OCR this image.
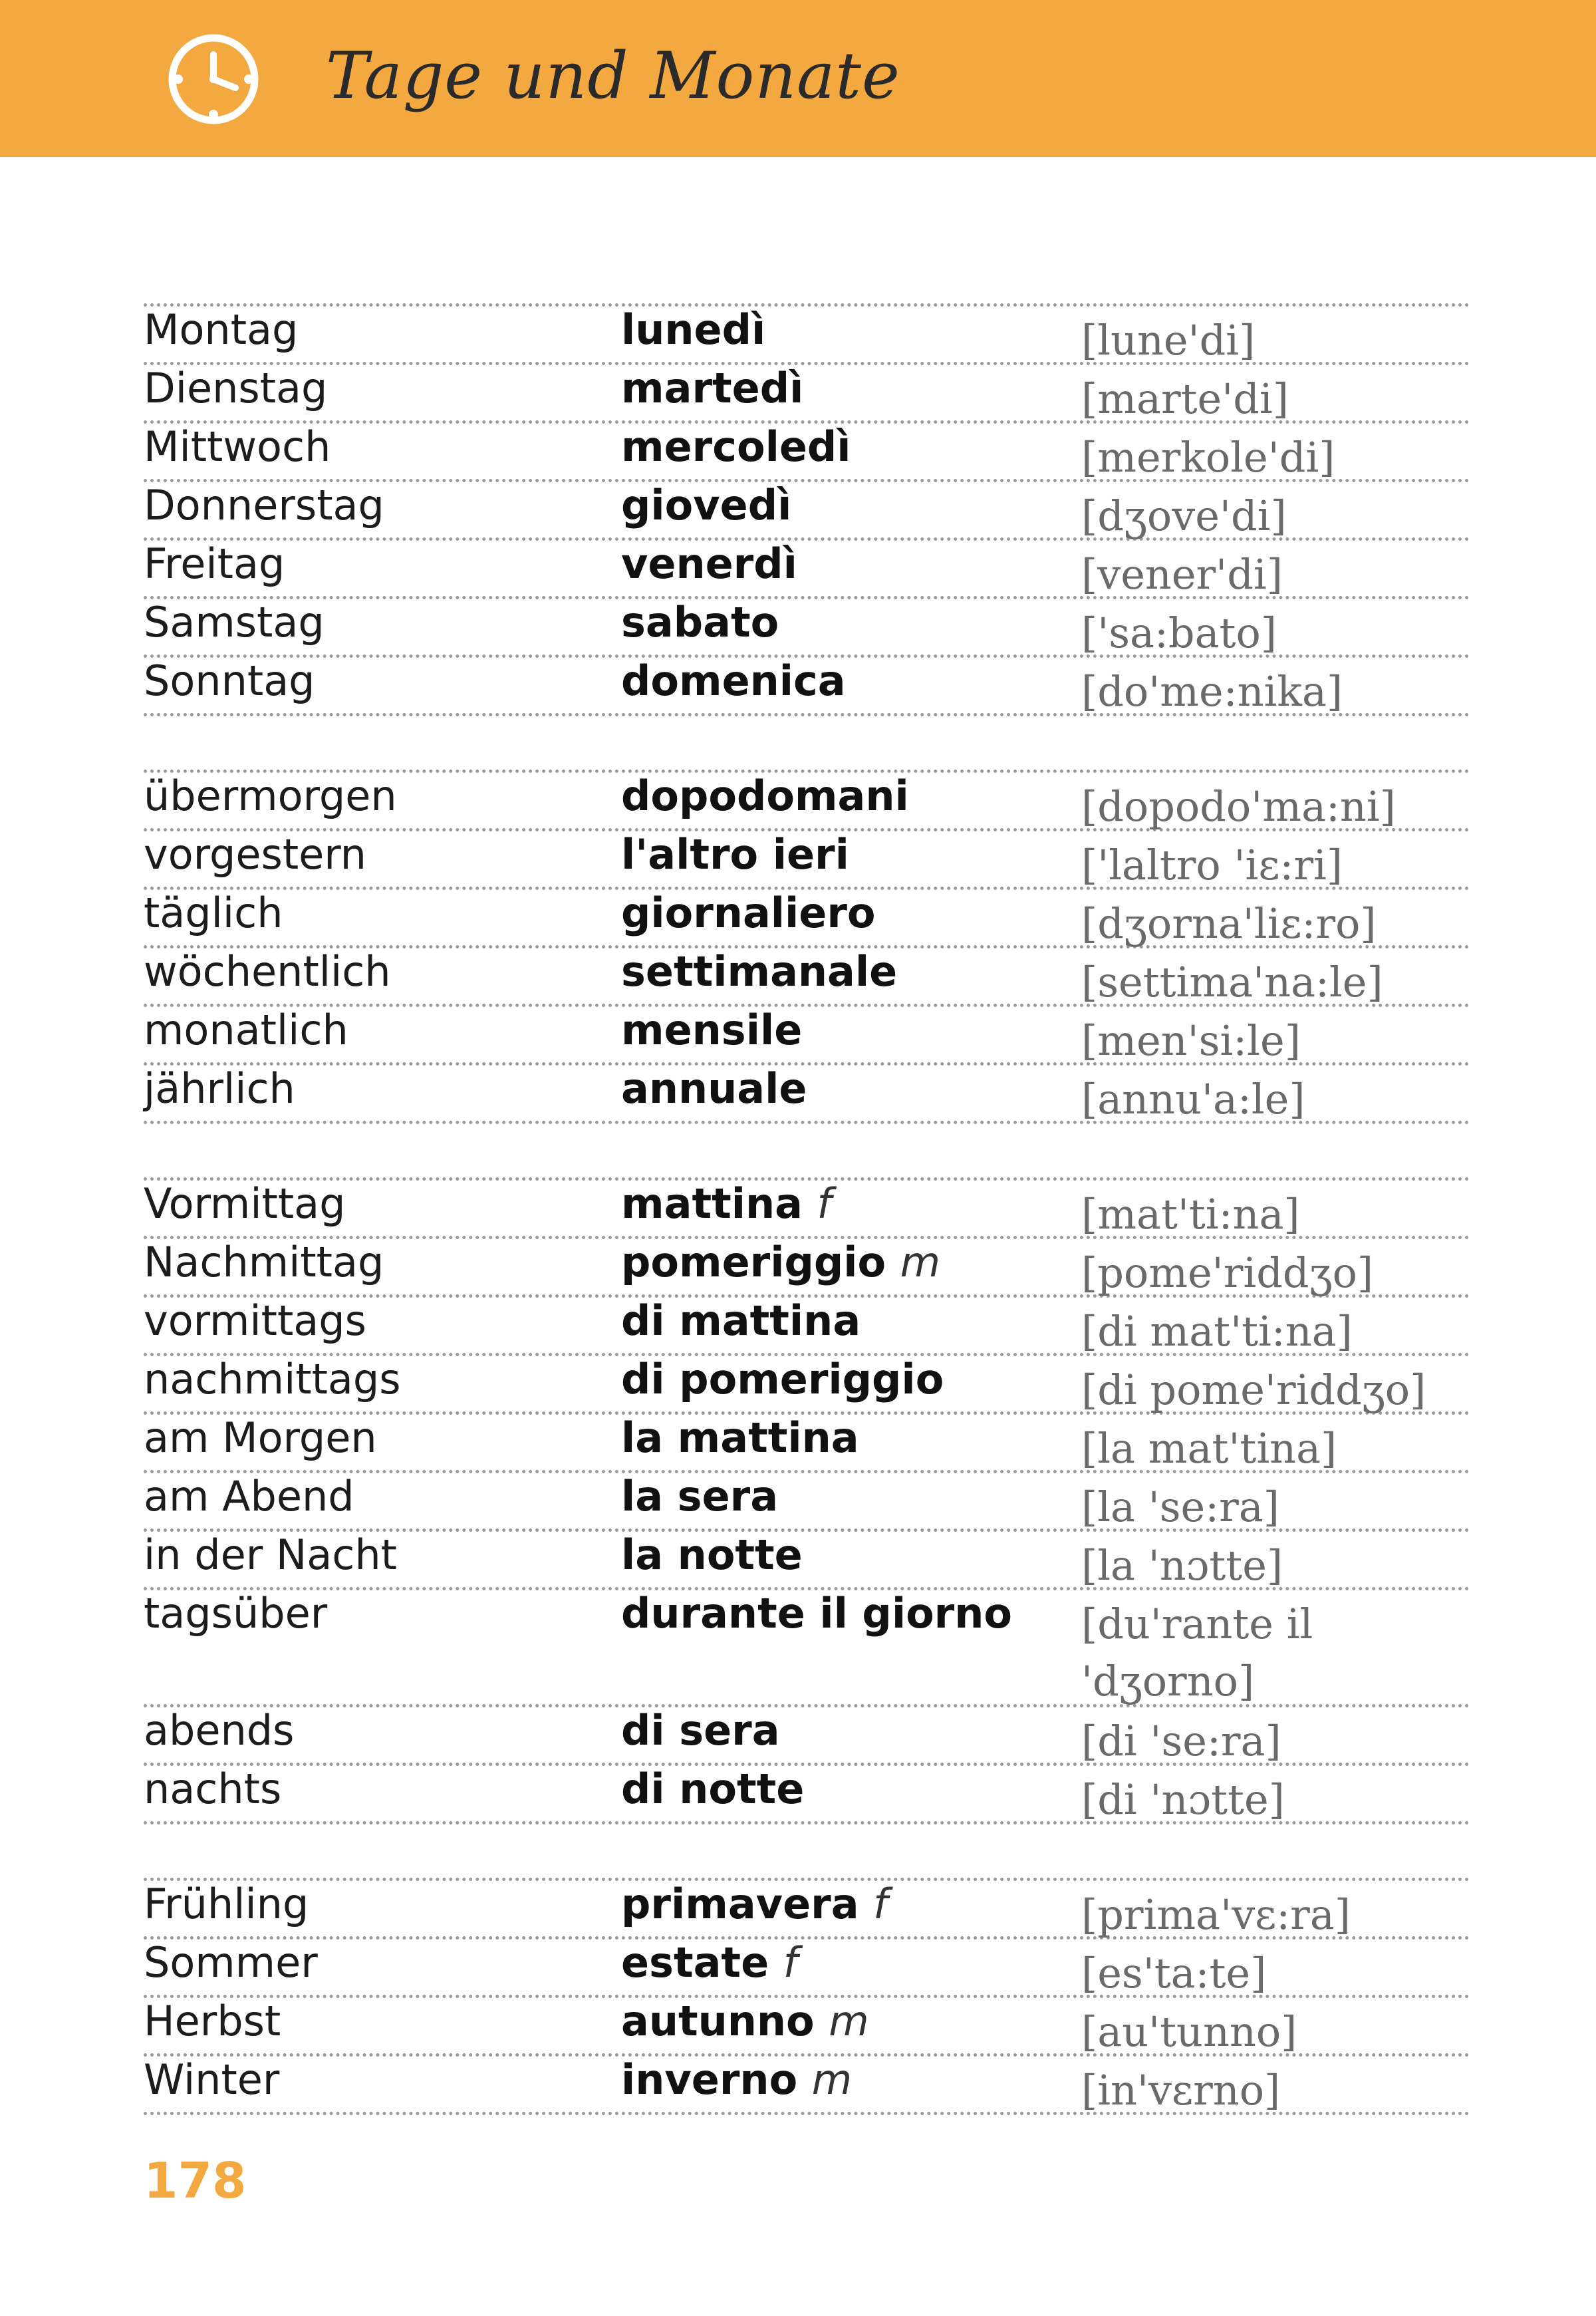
Tage und Monate
Montag	lunedì	[lune'di]
Dienstag	martedì	[marte'di]
Mittwoch	mercoledì	[merkole'di]
Donnerstag	giovedì	[dʒove'di]
Freitag	venerdì	[vener'di]
Samstag	sabato	['sa:bato]
Sonntag	domenica	[do'me:nika]
übermorgen	dopodomani	[dopodo'ma:ni]
vorgestern	l'altro ieri	['laltro 'iɛ:ri]
täglich	giornaliero	[dʒorna'liɛ:ro]
wöchentlich	settimanale	[settima'na:le]
monatlich	mensile	[men'si:le]
jährlich	annuale	[annu'a:le]
Vormittag	mattina f	[mat'ti:na]
Nachmittag	pomeriggio m	[pome'riddʒo]
vormittags	di mattina	[di mat'ti:na]
nachmittags	di pomeriggio	[di pome'riddʒo]
am Morgen	la mattina	[la mat'tina]
am Abend	la sera	[la 'se:ra]
in der Nacht	la notte	[la 'nɔtte]
tagsüber	durante il giorno	[du'rante il 'dʒorno]
abends	di sera	[di 'se:ra]
nachts	di notte	[di 'nɔtte]
Frühling	primavera f	[prima'vɛ:ra]
Sommer	estate f	[es'ta:te]
Herbst	autunno m	[au'tunno]
Winter	inverno m	[in'vɛrno]
178
